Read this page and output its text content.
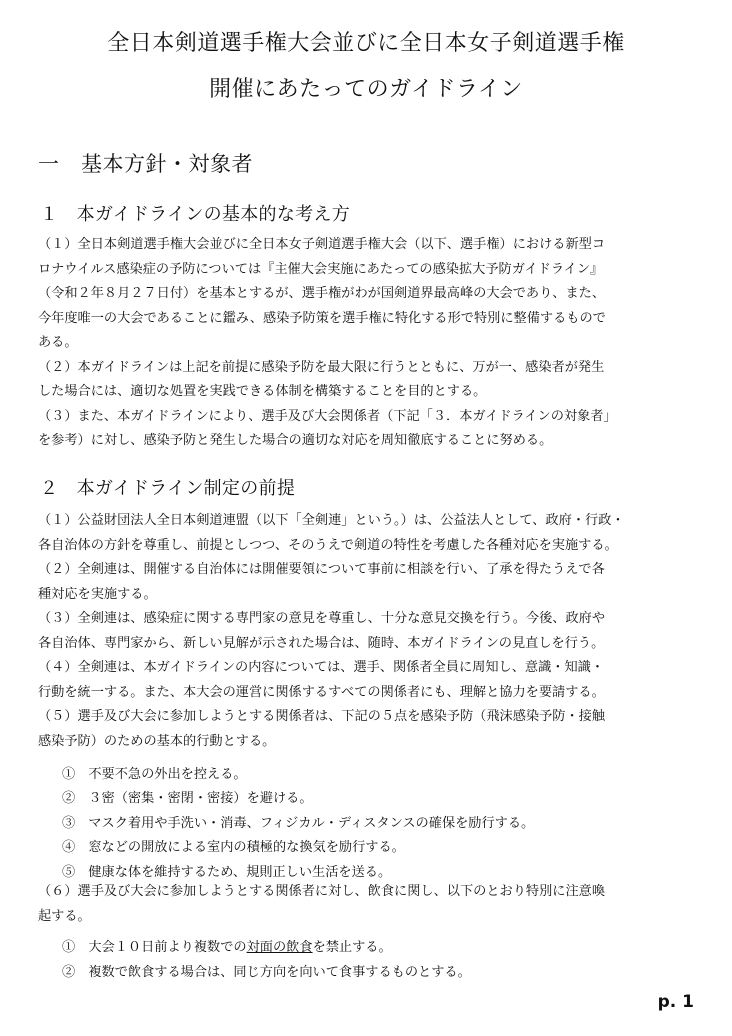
全日本剣道選手権大会並びに全日本女子剣道選手権
開催にあたってのガイドライン
一　基本方針・対象者
１　本ガイドラインの基本的な考え方
（１）全日本剣道選手権大会並びに全日本女子剣道選手権大会（以下、選手権）における新型コ
ロナウイルス感染症の予防については『主催大会実施にあたっての感染拡大予防ガイドライン』
（令和２年８月２７日付）を基本とするが、選手権がわが国剣道界最高峰の大会であり、また、
今年度唯一の大会であることに鑑み、感染予防策を選手権に特化する形で特別に整備するもので
ある。
（２）本ガイドラインは上記を前提に感染予防を最大限に行うとともに、万が一、感染者が発生
した場合には、適切な処置を実践できる体制を構築することを目的とする。
（３）また、本ガイドラインにより、選手及び大会関係者（下記「３．本ガイドラインの対象者」
を参考）に対し、感染予防と発生した場合の適切な対応を周知徹底することに努める。
２　本ガイドライン制定の前提
（１）公益財団法人全日本剣道連盟（以下「全剣連」という。）は、公益法人として、政府・行政・
各自治体の方針を尊重し、前提としつつ、そのうえで剣道の特性を考慮した各種対応を実施する。
（２）全剣連は、開催する自治体には開催要領について事前に相談を行い、了承を得たうえで各
種対応を実施する。
（３）全剣連は、感染症に関する専門家の意見を尊重し、十分な意見交換を行う。今後、政府や
各自治体、専門家から、新しい見解が示された場合は、随時、本ガイドラインの見直しを行う。
（４）全剣連は、本ガイドラインの内容については、選手、関係者全員に周知し、意識・知識・
行動を統一する。また、本大会の運営に関係するすべての関係者にも、理解と協力を要請する。
（５）選手及び大会に参加しようとする関係者は、下記の５点を感染予防（飛沫感染予防・接触
感染予防）のための基本的行動とする。
①　不要不急の外出を控える。
②　３密（密集・密閉・密接）を避ける。
③　マスク着用や手洗い・消毒、フィジカル・ディスタンスの確保を励行する。
④　窓などの開放による室内の積極的な換気を励行する。
⑤　健康な体を維持するため、規則正しい生活を送る。
（６）選手及び大会に参加しようとする関係者に対し、飲食に関し、以下のとおり特別に注意喚
起する。
①　大会１０日前より複数での対面の飲食を禁止する。
②　複数で飲食する場合は、同じ方向を向いて食事するものとする。
p. 1
